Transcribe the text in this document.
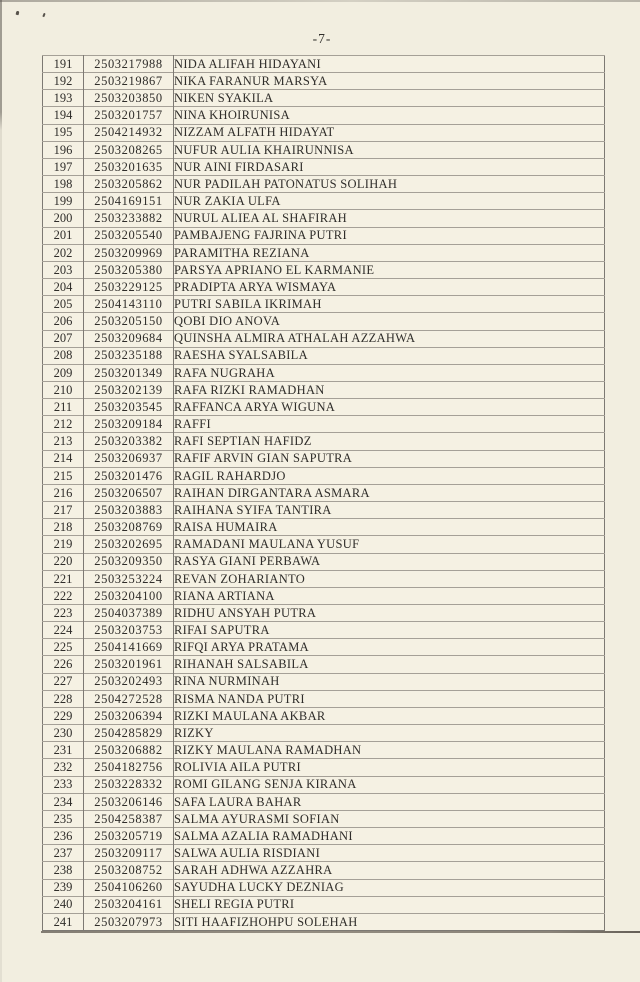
-7-
191	2503217988	NIDA ALIFAH HIDAYANI
192	2503219867	NIKA FARANUR MARSYA
193	2503203850	NIKEN SYAKILA
194	2503201757	NINA KHOIRUNISA
195	2504214932	NIZZAM ALFATH HIDAYAT
196	2503208265	NUFUR AULIA KHAIRUNNISA
197	2503201635	NUR AINI FIRDASARI
198	2503205862	NUR PADILAH PATONATUS SOLIHAH
199	2504169151	NUR ZAKIA ULFA
200	2503233882	NURUL ALIEA AL SHAFIRAH
201	2503205540	PAMBAJENG FAJRINA PUTRI
202	2503209969	PARAMITHA REZIANA
203	2503205380	PARSYA APRIANO EL KARMANIE
204	2503229125	PRADIPTA ARYA WISMAYA
205	2504143110	PUTRI SABILA IKRIMAH
206	2503205150	QOBI DIO ANOVA
207	2503209684	QUINSHA ALMIRA ATHALAH AZZAHWA
208	2503235188	RAESHA SYALSABILA
209	2503201349	RAFA NUGRAHA
210	2503202139	RAFA RIZKI RAMADHAN
211	2503203545	RAFFANCA ARYA WIGUNA
212	2503209184	RAFFI
213	2503203382	RAFI SEPTIAN HAFIDZ
214	2503206937	RAFIF ARVIN GIAN SAPUTRA
215	2503201476	RAGIL RAHARDJO
216	2503206507	RAIHAN DIRGANTARA ASMARA
217	2503203883	RAIHANA SYIFA TANTIRA
218	2503208769	RAISA HUMAIRA
219	2503202695	RAMADANI MAULANA YUSUF
220	2503209350	RASYA GIANI PERBAWA
221	2503253224	REVAN ZOHARIANTO
222	2503204100	RIANA ARTIANA
223	2504037389	RIDHU ANSYAH PUTRA
224	2503203753	RIFAI SAPUTRA
225	2504141669	RIFQI ARYA PRATAMA
226	2503201961	RIHANAH SALSABILA
227	2503202493	RINA NURMINAH
228	2504272528	RISMA NANDA PUTRI
229	2503206394	RIZKI MAULANA AKBAR
230	2504285829	RIZKY
231	2503206882	RIZKY MAULANA RAMADHAN
232	2504182756	ROLIVIA AILA PUTRI
233	2503228332	ROMI GILANG SENJA KIRANA
234	2503206146	SAFA LAURA BAHAR
235	2504258387	SALMA AYURASMI SOFIAN
236	2503205719	SALMA AZALIA RAMADHANI
237	2503209117	SALWA AULIA RISDIANI
238	2503208752	SARAH ADHWA AZZAHRA
239	2504106260	SAYUDHA LUCKY DEZNIAG
240	2503204161	SHELI REGIA PUTRI
241	2503207973	SITI HAAFIZHOHPU SOLEHAH
